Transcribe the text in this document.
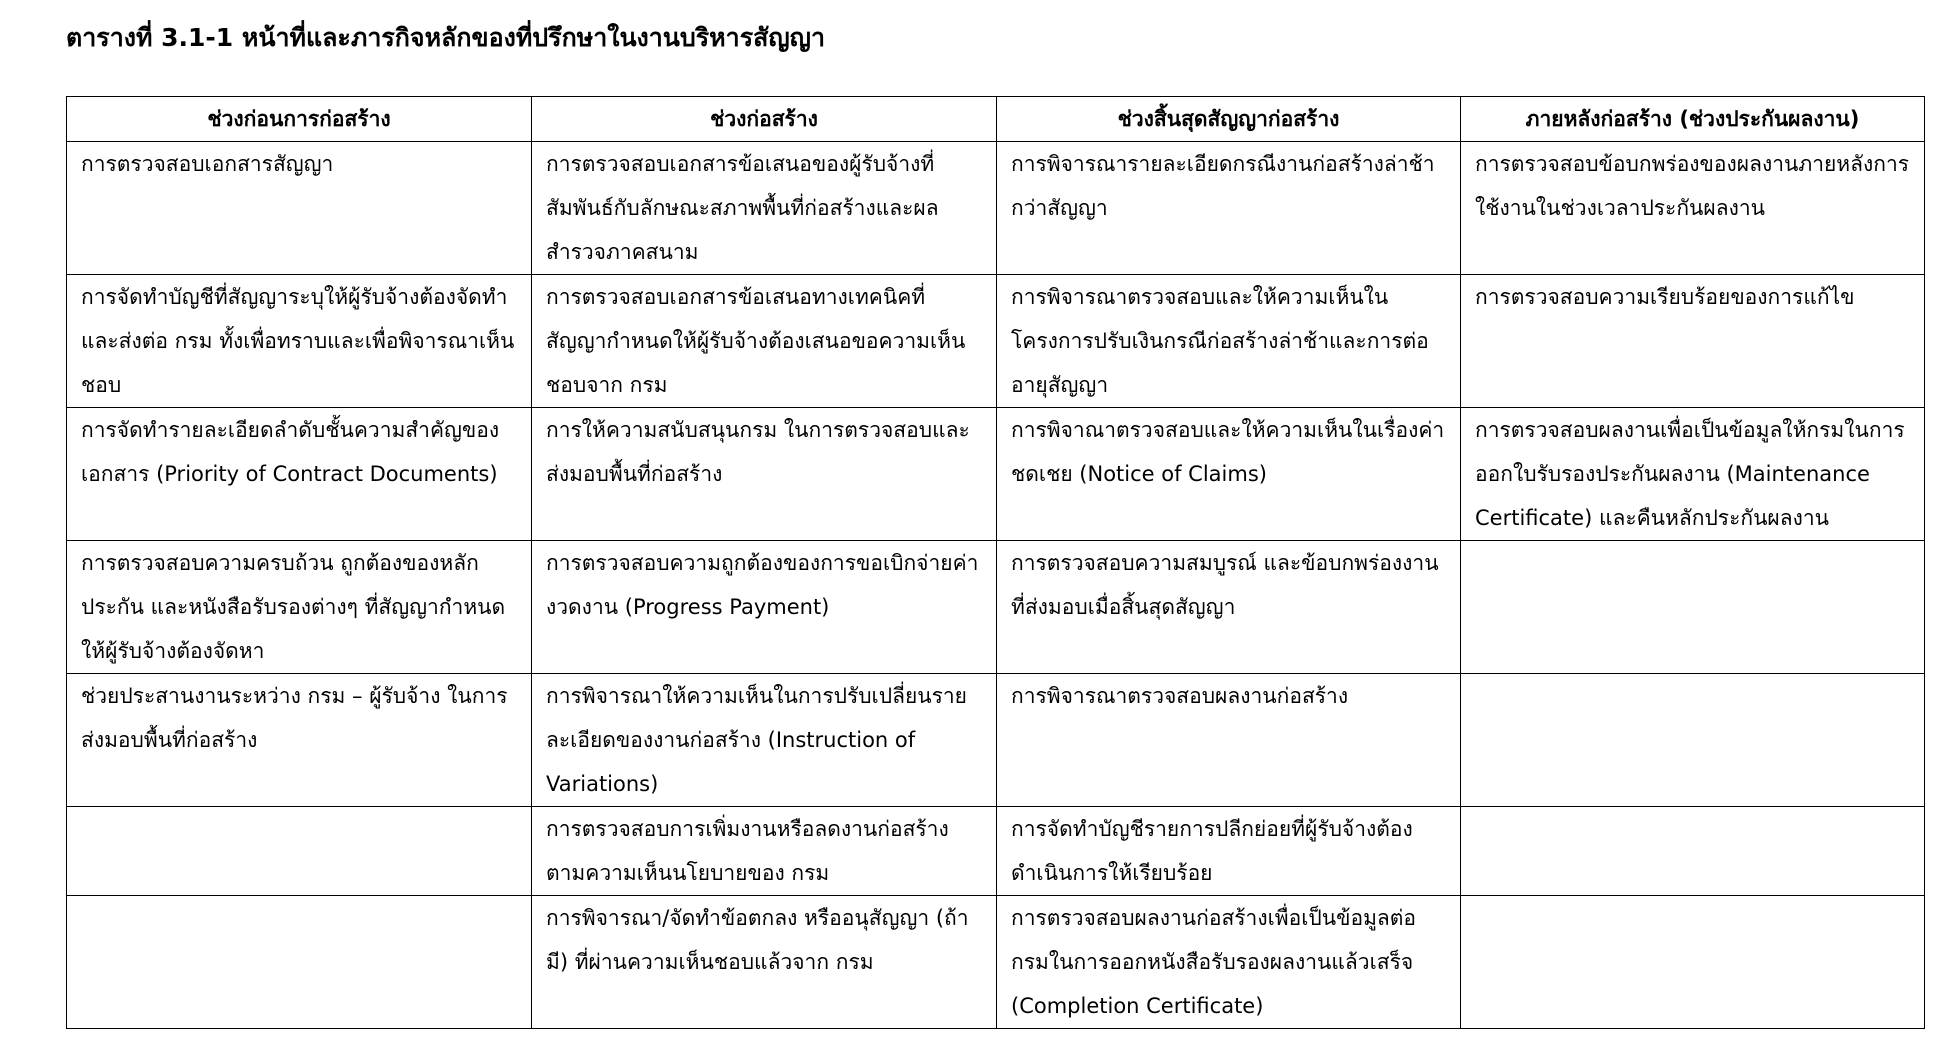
ตารางที่ 3.1-1 หน้าที่และภารกิจหลักของที่ปรึกษาในงานบริหารสัญญา
ช่วงก่อนการก่อสร้าง	ช่วงก่อสร้าง	ช่วงสิ้นสุดสัญญาก่อสร้าง	ภายหลังก่อสร้าง (ช่วงประกันผลงาน)
การตรวจสอบเอกสารสัญญา	การตรวจสอบเอกสารข้อเสนอของผู้รับจ้างที่สัมพันธ์กับลักษณะสภาพพื้นที่ก่อสร้างและผลสำรวจภาคสนาม	การพิจารณารายละเอียดกรณีงานก่อสร้างล่าช้ากว่าสัญญา	การตรวจสอบข้อบกพร่องของผลงานภายหลังการใช้งานในช่วงเวลาประกันผลงาน
การจัดทำบัญชีที่สัญญาระบุให้ผู้รับจ้างต้องจัดทำและส่งต่อ กรม ทั้งเพื่อทราบและเพื่อพิจารณาเห็นชอบ	การตรวจสอบเอกสารข้อเสนอทางเทคนิคที่สัญญากำหนดให้ผู้รับจ้างต้องเสนอขอความเห็นชอบจาก กรม	การพิจารณาตรวจสอบและให้ความเห็นในโครงการปรับเงินกรณีก่อสร้างล่าช้าและการต่ออายุสัญญา	การตรวจสอบความเรียบร้อยของการแก้ไข
การจัดทำรายละเอียดลำดับชั้นความสำคัญของเอกสาร (Priority of Contract Documents)	การให้ความสนับสนุนกรม ในการตรวจสอบและส่งมอบพื้นที่ก่อสร้าง	การพิจาณาตรวจสอบและให้ความเห็นในเรื่องค่าชดเชย (Notice of Claims)	การตรวจสอบผลงานเพื่อเป็นข้อมูลให้กรมในการออกใบรับรองประกันผลงาน (Maintenance Certificate) และคืนหลักประกันผลงาน
การตรวจสอบความครบถ้วน ถูกต้องของหลักประกัน และหนังสือรับรองต่างๆ ที่สัญญากำหนดให้ผู้รับจ้างต้องจัดหา	การตรวจสอบความถูกต้องของการขอเบิกจ่ายค่างวดงาน (Progress Payment)	การตรวจสอบความสมบูรณ์ และข้อบกพร่องงานที่ส่งมอบเมื่อสิ้นสุดสัญญา	
ช่วยประสานงานระหว่าง กรม – ผู้รับจ้าง ในการส่งมอบพื้นที่ก่อสร้าง	การพิจารณาให้ความเห็นในการปรับเปลี่ยนรายละเอียดของงานก่อสร้าง (Instruction of Variations)	การพิจารณาตรวจสอบผลงานก่อสร้าง	
	การตรวจสอบการเพิ่มงานหรือลดงานก่อสร้างตามความเห็นนโยบายของ กรม	การจัดทำบัญชีรายการปลีกย่อยที่ผู้รับจ้างต้องดำเนินการให้เรียบร้อย	
	การพิจารณา/จัดทำข้อตกลง หรืออนุสัญญา (ถ้ามี) ที่ผ่านความเห็นชอบแล้วจาก กรม	การตรวจสอบผลงานก่อสร้างเพื่อเป็นข้อมูลต่อกรมในการออกหนังสือรับรองผลงานแล้วเสร็จ (Completion Certificate)	
